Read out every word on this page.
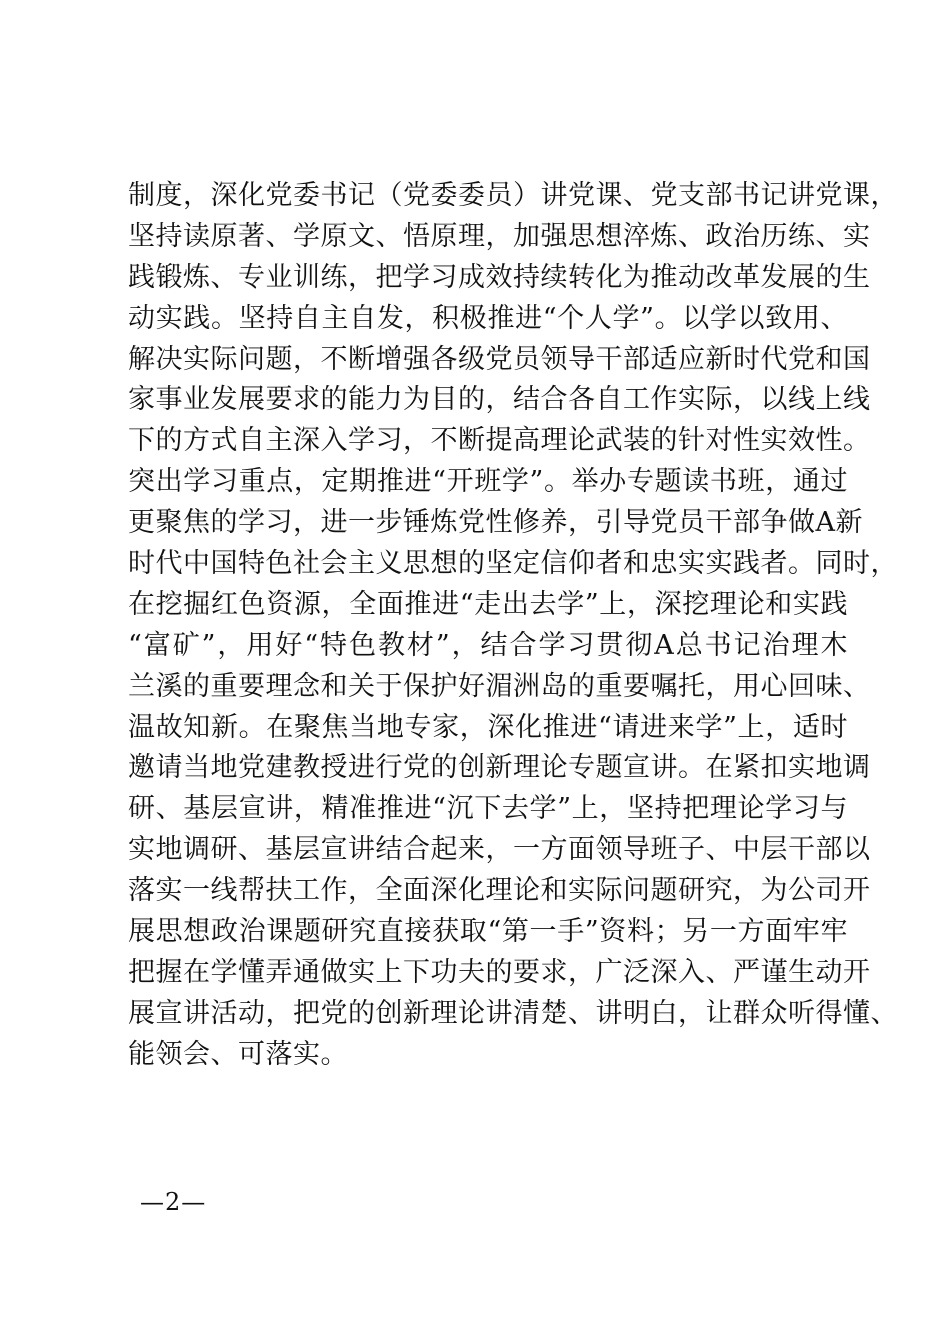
制度，深化党委书记（党委委员）讲党课、党支部书记讲党课，
坚持读原著、学原文、悟原理，加强思想淬炼、政治历练、实
践锻炼、专业训练，把学习成效持续转化为推动改革发展的生
动实践。坚持自主自发，积极推进“个人学”。以学以致用、
解决实际问题，不断增强各级党员领导干部适应新时代党和国
家事业发展要求的能力为目的，结合各自工作实际，以线上线
下的方式自主深入学习，不断提高理论武装的针对性实效性。
突出学习重点，定期推进“开班学”。举办专题读书班，通过
更聚焦的学习，进一步锤炼党性修养，引导党员干部争做A新
时代中国特色社会主义思想的坚定信仰者和忠实实践者。同时，
在挖掘红色资源，全面推进“走出去学”上，深挖理论和实践
“富矿”，用好“特色教材”，结合学习贯彻A总书记治理木
兰溪的重要理念和关于保护好湄洲岛的重要嘱托，用心回味、
温故知新。在聚焦当地专家，深化推进“请进来学”上，适时
邀请当地党建教授进行党的创新理论专题宣讲。在紧扣实地调
研、基层宣讲，精准推进“沉下去学”上，坚持把理论学习与
实地调研、基层宣讲结合起来，一方面领导班子、中层干部以
落实一线帮扶工作，全面深化理论和实际问题研究，为公司开
展思想政治课题研究直接获取“第一手”资料；另一方面牢牢
把握在学懂弄通做实上下功夫的要求，广泛深入、严谨生动开
展宣讲活动，把党的创新理论讲清楚、讲明白，让群众听得懂、
能领会、可落实。
—2—
